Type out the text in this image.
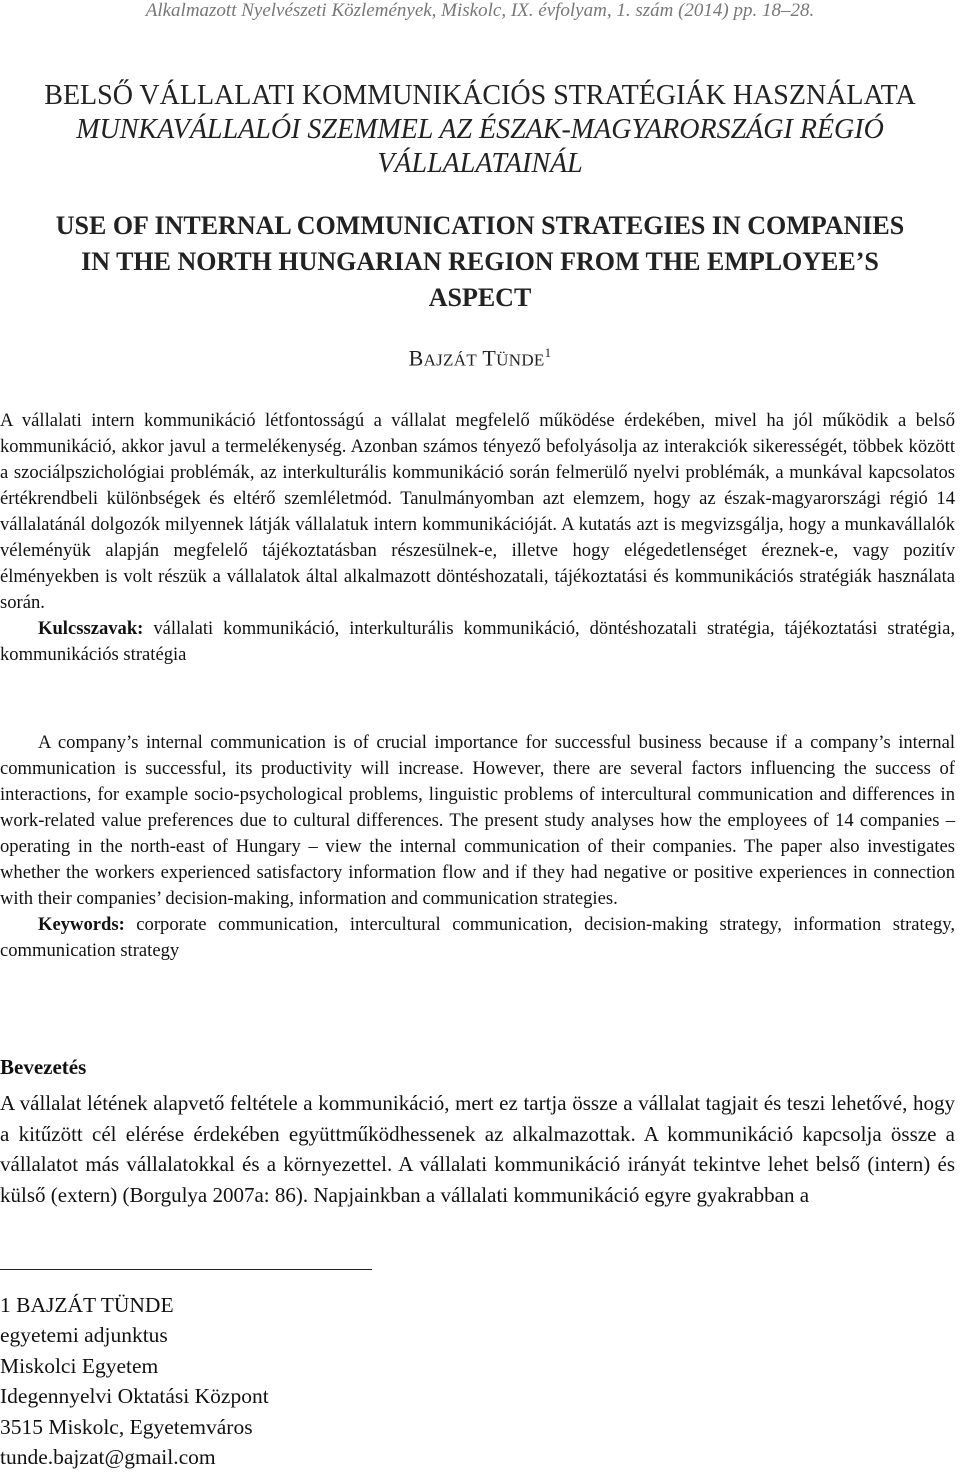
Alkalmazott Nyelvészeti Közlemények, Miskolc, IX. évfolyam, 1. szám (2014) pp. 18–28.
BELSŐ VÁLLALATI KOMMUNIKÁCIÓS STRATÉGIÁK HASZNÁLATA
MUNKAVÁLLALÓI SZEMMEL AZ ÉSZAK-MAGYARORSZÁGI RÉGIÓ
VÁLLALATAINÁL
USE OF INTERNAL COMMUNICATION STRATEGIES IN COMPANIES
IN THE NORTH HUNGARIAN REGION FROM THE EMPLOYEE’S
ASPECT
BAJZÁT TÜNDE$^1$

A vállalati intern kommunikáció létfontosságú a vállalat megfelelő működése érdekében, mivel ha jól működik a belső kommunikáció, akkor javul a termelékenység. Azonban számos tényező befolyásolja az interakciók sikerességét, többek között a szociálpszichológiai problémák, az interkulturális kommunikáció során felmerülő nyelvi problémák, a munkával kapcsolatos értékrendbeli különbségek és eltérő szemléletmód. Tanulmányomban azt elemzem, hogy az észak-magyarországi régió 14 vállalatánál dolgozók milyennek látják vállalatuk intern kommunikációját. A kutatás azt is megvizsgálja, hogy a munkavállalók véleményük alapján megfelelő tájékoztatásban részesülnek-e, illetve hogy elégedetlenséget éreznek-e, vagy pozitív élményekben is volt részük a vállalatok által alkalmazott döntéshozatali, tájékoztatási és kommunikációs stratégiák használata során.

Kulcsszavak: vállalati kommunikáció, interkulturális kommunikáció, döntéshozatali stratégia, tájékoztatási stratégia, kommunikációs stratégia

A company’s internal communication is of crucial importance for successful business because if a company’s internal communication is successful, its productivity will increase. However, there are several factors influencing the success of interactions, for example socio-psychological problems, linguistic problems of intercultural communication and differences in work-related value preferences due to cultural differences. The present study analyses how the employees of 14 companies – operating in the north-east of Hungary – view the internal communication of their companies. The paper also investigates whether the workers experienced satisfactory information flow and if they had negative or positive experiences in connection with their companies’ decision-making, information and communication strategies.

Keywords: corporate communication, intercultural communication, decision-making strategy, information strategy, communication strategy

Bevezetés

A vállalat létének alapvető feltétele a kommunikáció, mert ez tartja össze a vállalat tagjait és teszi lehetővé, hogy a kitűzött cél elérése érdekében együttműködhessenek az alkalmazottak. A kommunikáció kapcsolja össze a vállalatot más vállalatokkal és a környezettel. A vállalati kommunikáció irányát tekintve lehet belső (intern) és külső (extern) (Borgulya 2007a: 86). Napjainkban a vállalati kommunikáció egyre gyakrabban a

1 BAJZÁT TÜNDE
egyetemi adjunktus
Miskolci Egyetem
Idegennyelvi Oktatási Központ
3515 Miskolc, Egyetemváros
tunde.bajzat@gmail.com
